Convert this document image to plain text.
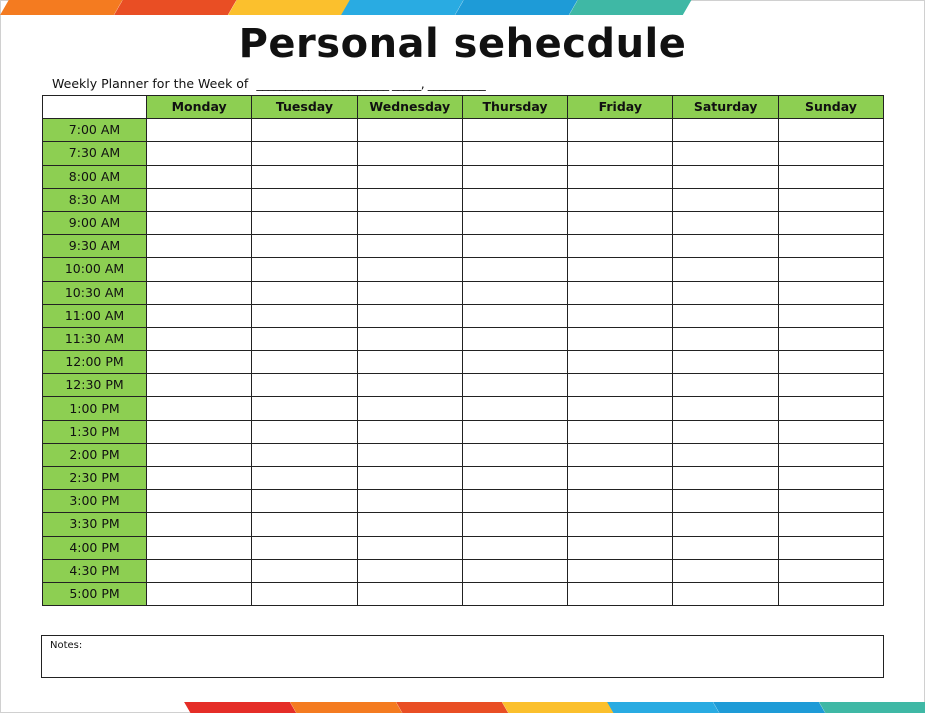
Personal sehecdule
Weekly Planner for the Week of _______________________ _____, __________
	Monday	Tuesday	Wednesday	Thursday	Friday	Saturday	Sunday
7:00 AM							
7:30 AM							
8:00 AM							
8:30 AM							
9:00 AM							
9:30 AM							
10:00 AM							
10:30 AM							
11:00 AM							
11:30 AM							
12:00 PM							
12:30 PM							
1:00 PM							
1:30 PM							
2:00 PM							
2:30 PM							
3:00 PM							
3:30 PM							
4:00 PM							
4:30 PM							
5:00 PM							
Notes:
